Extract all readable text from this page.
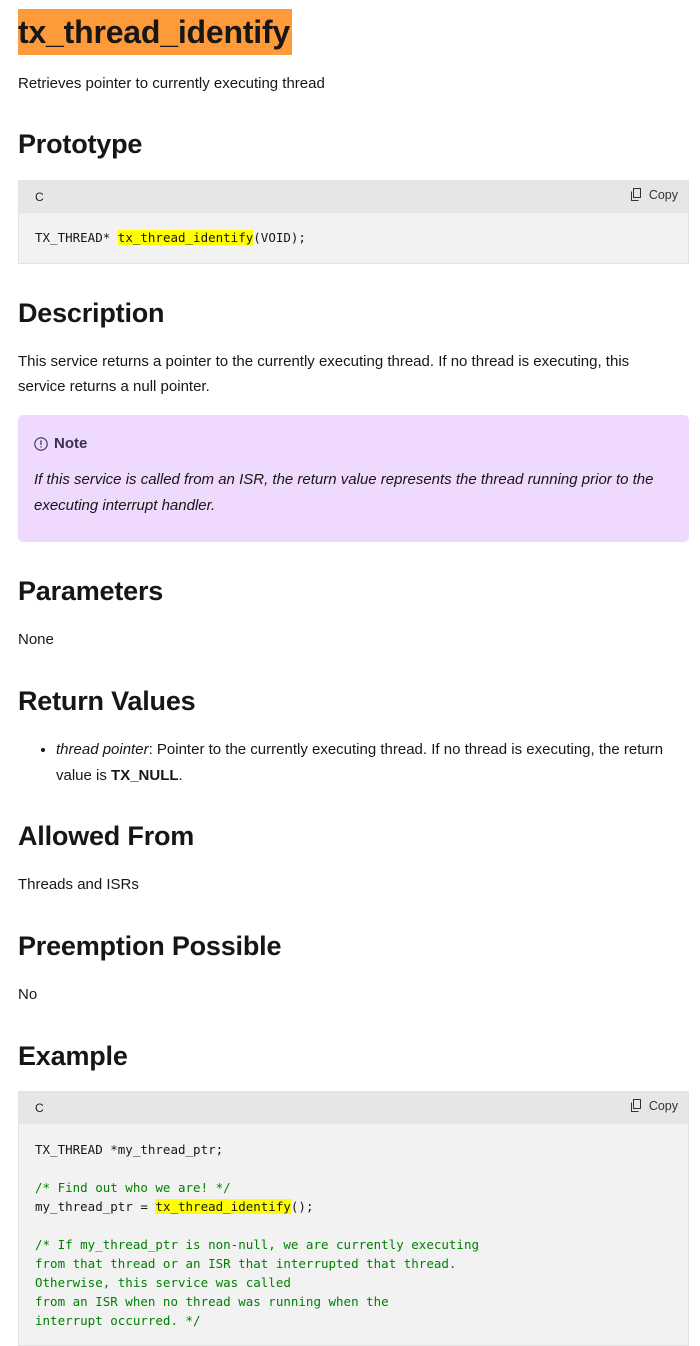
tx_thread_identify

Retrieves pointer to currently executing thread

Prototype
C	Copy
TX_THREAD* tx_thread_identify(VOID);
Description

This service returns a pointer to the currently executing thread. If no thread is executing, this service returns a null pointer.

Note

If this service is called from an ISR, the return value represents the thread running prior to the executing interrupt handler.

Parameters

None

Return Values
• thread pointer: Pointer to the currently executing thread. If no thread is executing, the return value is TX_NULL.
Allowed From

Threads and ISRs

Preemption Possible

No

Example
C	Copy
TX_THREAD *my_thread_ptr;

/* Find out who we are! */
my_thread_ptr = tx_thread_identify();

/* If my_thread_ptr is non-null, we are currently executing
from that thread or an ISR that interrupted that thread.
Otherwise, this service was called
from an ISR when no thread was running when the
interrupt occurred. */
